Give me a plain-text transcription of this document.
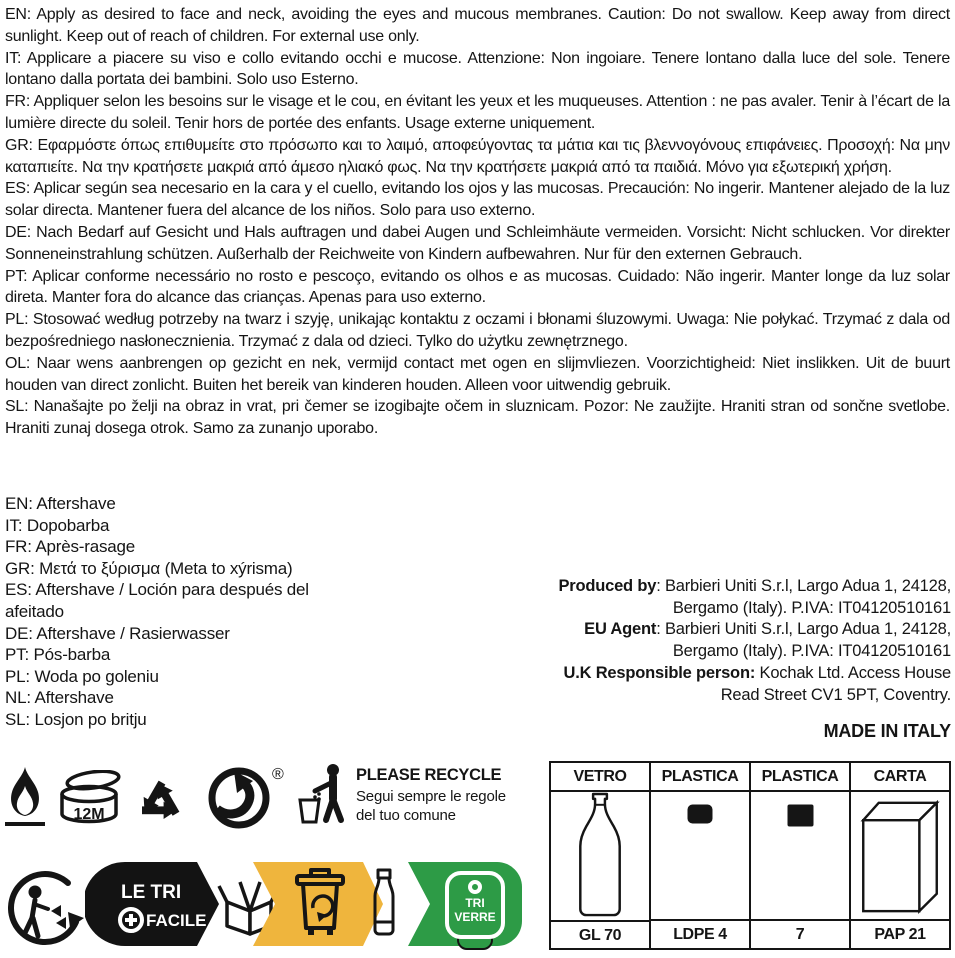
EN: Apply as desired to face and neck, avoiding the eyes and mucous membranes. Caution: Do not swallow. Keep away from direct sunlight. Keep out of reach of children. For external use only.

IT: Applicare a piacere su viso e collo evitando occhi e mucose. Attenzione: Non ingoiare. Tenere lontano dalla luce del sole. Tenere lontano dalla portata dei bambini. Solo uso Esterno.

FR: Appliquer selon les besoins sur le visage et le cou, en évitant les yeux et les muqueuses. Attention : ne pas avaler. Tenir à l’écart de la lumière directe du soleil. Tenir hors de portée des enfants. Usage externe uniquement.

GR: Εφαρμόστε όπως επιθυμείτε στο πρόσωπο και το λαιμό, αποφεύγοντας τα μάτια και τις βλεννογόνους επιφάνειες. Προσοχή: Να μην καταπιείτε. Να την κρατήσετε μακριά από άμεσο ηλιακό φως. Να την κρατήσετε μακριά από τα παιδιά. Μόνο για εξωτερική χρήση.

ES: Aplicar según sea necesario en la cara y el cuello, evitando los ojos y las mucosas. Precaución: No ingerir. Mantener alejado de la luz solar directa. Mantener fuera del alcance de los niños. Solo para uso externo.

DE: Nach Bedarf auf Gesicht und Hals auftragen und dabei Augen und Schleimhäute vermeiden. Vorsicht: Nicht schlucken. Vor direkter Sonneneinstrahlung schützen. Außerhalb der Reichweite von Kindern aufbewahren. Nur für den externen Gebrauch.

PT: Aplicar conforme necessário no rosto e pescoço, evitando os olhos e as mucosas. Cuidado: Não ingerir. Manter longe da luz solar direta. Manter fora do alcance das crianças. Apenas para uso externo.

PL: Stosować według potrzeby na twarz i szyję, unikając kontaktu z oczami i błonami śluzowymi. Uwaga: Nie połykać. Trzymać z dala od bezpośredniego nasłonecznienia. Trzymać z dala od dzieci. Tylko do użytku zewnętrznego.

OL: Naar wens aanbrengen op gezicht en nek, vermijd contact met ogen en slijmvliezen. Voorzichtigheid: Niet inslikken. Uit de buurt houden van direct zonlicht. Buiten het bereik van kinderen houden. Alleen voor uitwendig gebruik.

SL: Nanašajte po želji na obraz in vrat, pri čemer se izogibajte očem in sluznicam. Pozor: Ne zaužijte. Hraniti stran od sončne svetlobe. Hraniti zunaj dosega otrok. Samo za zunanjo uporabo.

EN: Aftershave

IT: Dopobarba

FR: Après-rasage

GR: Μετά το ξύρισμα (Meta to xýrisma)

ES: Aftershave / Loción para después del afeitado

DE: Aftershave / Rasierwasser

PT: Pós-barba

PL: Woda po goleniu

NL: Aftershave

SL: Losjon po britju

Produced by: Barbieri Uniti S.r.l, Largo Adua 1, 24128,

Bergamo (Italy). P.IVA: IT04120510161

EU Agent: Barbieri Uniti S.r.l, Largo Adua 1, 24128,

Bergamo (Italy). P.IVA: IT04120510161

U.K Responsible person: Kochak Ltd. Access House

Read Street CV1 5PT, Coventry.

MADE IN ITALY
12M
®	PLEASE RECYCLE

Segui sempre le regole del tuo comune

LE TRI
FACILE
TRI
VERRE
VETRO
GL 70
PLASTICA
LDPE 4
PLASTICA
7
CARTA
PAP 21
